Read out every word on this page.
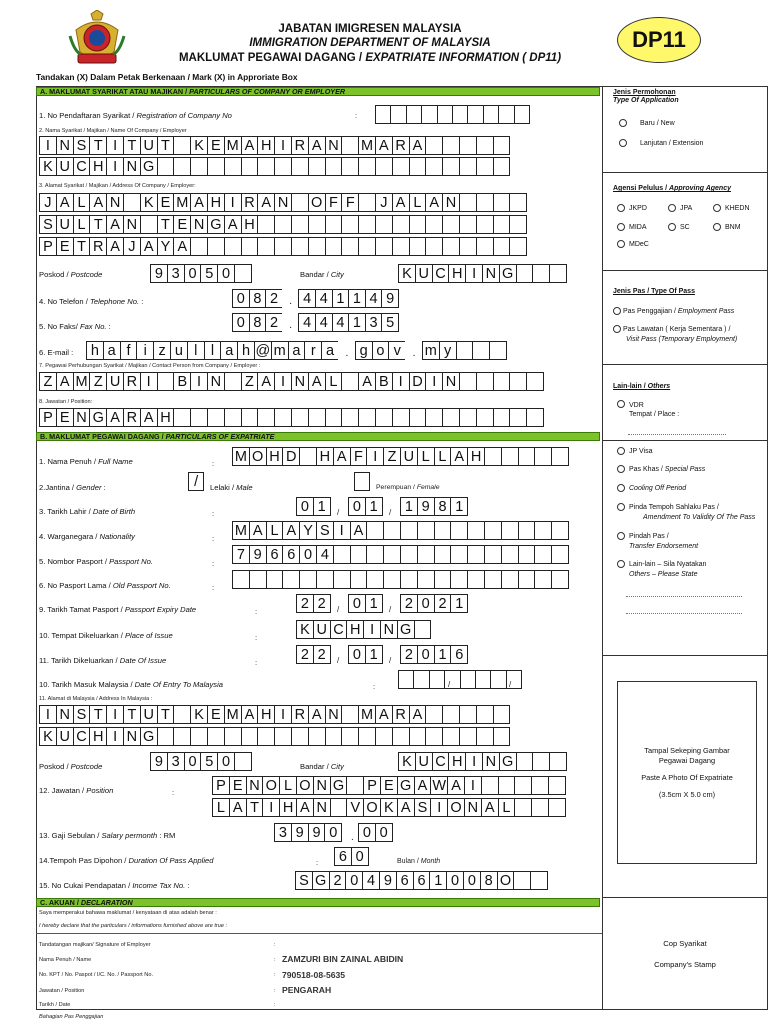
JABATAN IMIGRESEN MALAYSIA
IMMIGRATION DEPARTMENT OF MALAYSIA
MAKLUMAT PEGAWAI DAGANG / EXPATRIATE INFORMATION ( DP11)
DP11
Tandakan (X) Dalam Petak Berkenaan / Mark (X) in Approriate Box
A. MAKLUMAT SYARIKAT ATAU MAJIKAN / PARTICULARS OF COMPANY OR EMPLOYER
1. No Pendaftaran Syarikat / Registration of Company No	:
2. Nama Syarikat / Majikan / Name Of Company / Employer
I N S T I T U T	K E M A H I R A N M A R A
K U C H I N G
3. Alamat Syarikat / Majikan / Address Of Company / Employer:
J A L A N K E M A H I R A N O F F	J A L A N
S U L T A N	T E N G A H
P E T R A J A Y A
Poskod / Postcode	9 3 0 5 0	Bandar / City	K U C H I N G
4. No Telefon / Telephone No. :	0 8 2	. 4 4 1 1 4 9
5. No Faks/ Fax No. :	0 8 2	. 4 4 4 1 3 5
6. E-mail :	h a f i z u l l a h @ m a r a	. g o v	. m y
7. Pegawai Perhubungan Syarikat / Majikan / Contact Person from Company / Employer :
Z A M Z U R I	B I N	Z A I N A L	A B I D I N
8. Jawatan / Position:
P E N G A R A H
B. MAKLUMAT PEGAWAI DAGANG / PARTICULARS OF EXPATRIATE
1. Nama Penuh / Full Name	: M O H D H A F I Z U L L A H
2.Jantina / Gender :	/	Lelaki / Male	Perempuan / Female
3. Tarikh Lahir / Date of Birth	:	0 1	/ 0 1	/ 1 9 8 1
4. Warganegara / Nationality	: M A L A Y S I A
5. Nombor Pasport / Passport No.	:
7 9 6 6 0 4
6. No Pasport Lama / Old Passport No.	:
9. Tarikh Tamat Pasport / Passport Expiry Date	:	2 2	/ 0 1	/ 2 0 2 1
10. Tempat Dikeluarkan / Place of Issue	:	K U C H I N G
11. Tarikh Dikeluarkan / Date Of Issue	:	2 2	/ 0 1	/ 2 0 1 6
10. Tarikh Masuk Malaysia / Date Of Entry To Malaysia	:	/	/
11. Alamat di Malaysia / Address In Malaysia :
I N S T I T U T	K E M A H I R A N M A R A
K U C H I N G
Poskod / Postcode	9 3 0 5 0	Bandar / City	K U C H I N G
12. Jawatan / Position	:	P E N O L O N G P E G A W A I
L A T I H A N V O K A S I O N A L
13. Gaji Sebulan / Salary permonth : RM	3 9 9 0	. 0 0
14.Tempoh Pas Dipohon / Duration Of Pass Applied	:	6 0	Bulan / Month
15. No Cukai Pendapatan / Income Tax No. :	S G 2 0 4 9 6 6 1 0 0 8 O
C. AKUAN / DECLARATION
Saya memperakui bahawa maklumat / kenyataan di atas adalah benar :
I hereby declare that the particulars / informations furnished above are true :
Tandatangan majikan/ Signature of Employer	:
Nama Penuh / Name	: ZAMZURI BIN ZAINAL ABIDIN
No. KPT / No. Paspot / I/C. No. / Passport No.	: 790518-08-5635
Jawatan / Position	: PENGARAH
Tarikh / Date	:
Bahagian Pas Penggajian
Jenis Permohonan
Type Of Application
Baru / New
Lanjutan / Extension
Agensi Pelulus / Approving Agency
JKPD	JPA	KHEDN
MIDA	SC	BNM
MDeC
Jenis Pas / Type Of Pass
Pas Penggajian / Employment Pass
Pas Lawatan ( Kerja Sementara ) /
Visit Pass (Temporary Employment)
Lain-lain / Others
VDR
Tempat / Place :
JP Visa
Pas Khas / Special Pass
Cooling Off Period
Pinda Tempoh Sahlaku Pas /
Amendment To Validity Of The Pass
Pindah Pas /
Transfer Endorsement
Lain-lain – Sila Nyatakan
Others – Please State
Tampal Sekeping Gambar
Pegawai Dagang
Paste A Photo Of Expatriate
(3.5cm X 5.0 cm)
Cop Syarikat
Company's Stamp
